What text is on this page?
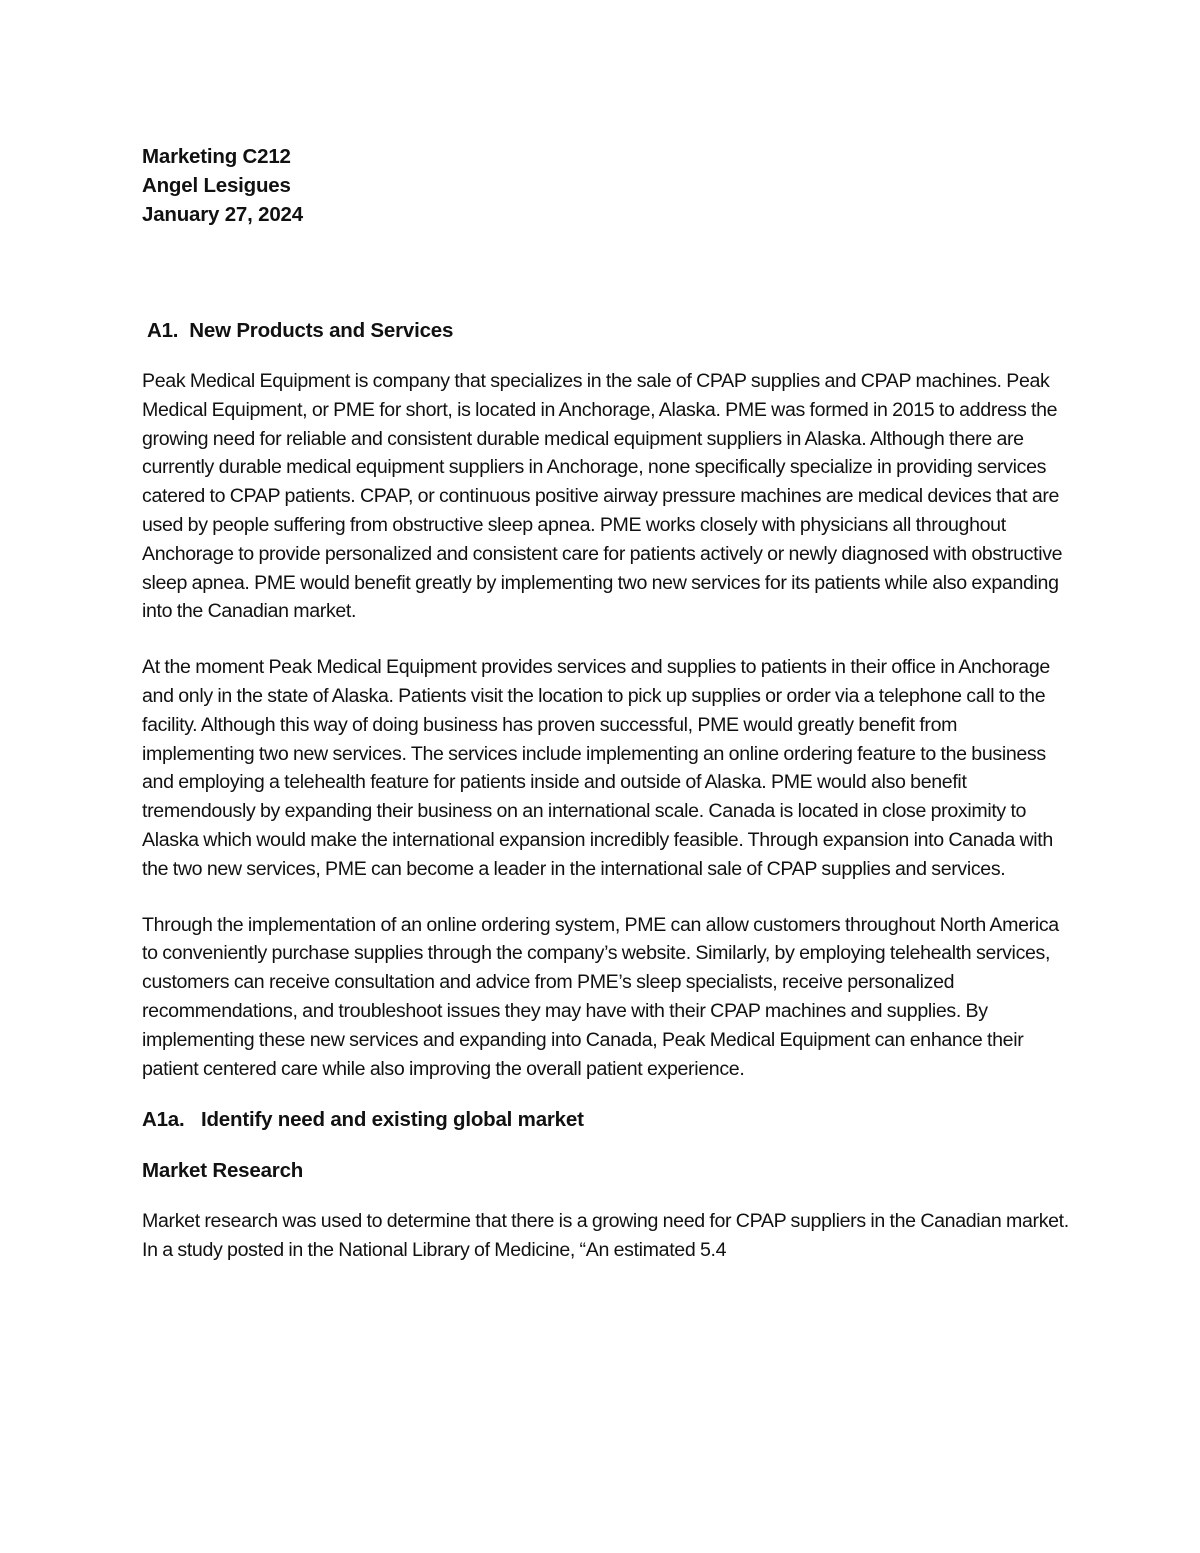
Marketing C212

Angel Lesigues

January 27, 2024

A1.  New Products and Services

Peak Medical Equipment is company that specializes in the sale of CPAP supplies and CPAP machines. Peak Medical Equipment, or PME for short, is located in Anchorage, Alaska. PME was formed in 2015 to address the growing need for reliable and consistent durable medical equipment suppliers in Alaska. Although there are currently durable medical equipment suppliers in Anchorage, none specifically specialize in providing services catered to CPAP patients. CPAP, or continuous positive airway pressure machines are medical devices that are used by people suffering from obstructive sleep apnea. PME works closely with physicians all throughout Anchorage to provide personalized and consistent care for patients actively or newly diagnosed with obstructive sleep apnea. PME would benefit greatly by implementing two new services for its patients while also expanding into the Canadian market.

At the moment Peak Medical Equipment provides services and supplies to patients in their office in Anchorage and only in the state of Alaska. Patients visit the location to pick up supplies or order via a telephone call to the facility. Although this way of doing business has proven successful, PME would greatly benefit from implementing two new services. The services include implementing an online ordering feature to the business and employing a telehealth feature for patients inside and outside of Alaska. PME would also benefit tremendously by expanding their business on an international scale. Canada is located in close proximity to Alaska which would make the international expansion incredibly feasible. Through expansion into Canada with the two new services, PME can become a leader in the international sale of CPAP supplies and services.

Through the implementation of an online ordering system, PME can allow customers throughout North America to conveniently purchase supplies through the company’s website. Similarly, by employing telehealth services, customers can receive consultation and advice from PME’s sleep specialists, receive personalized recommendations, and troubleshoot issues they may have with their CPAP machines and supplies. By implementing these new services and expanding into Canada, Peak Medical Equipment can enhance their patient centered care while also improving the overall patient experience.

A1a.   Identify need and existing global market

Market Research

Market research was used to determine that there is a growing need for CPAP suppliers in the Canadian market. In a study posted in the National Library of Medicine, “An estimated 5.4
